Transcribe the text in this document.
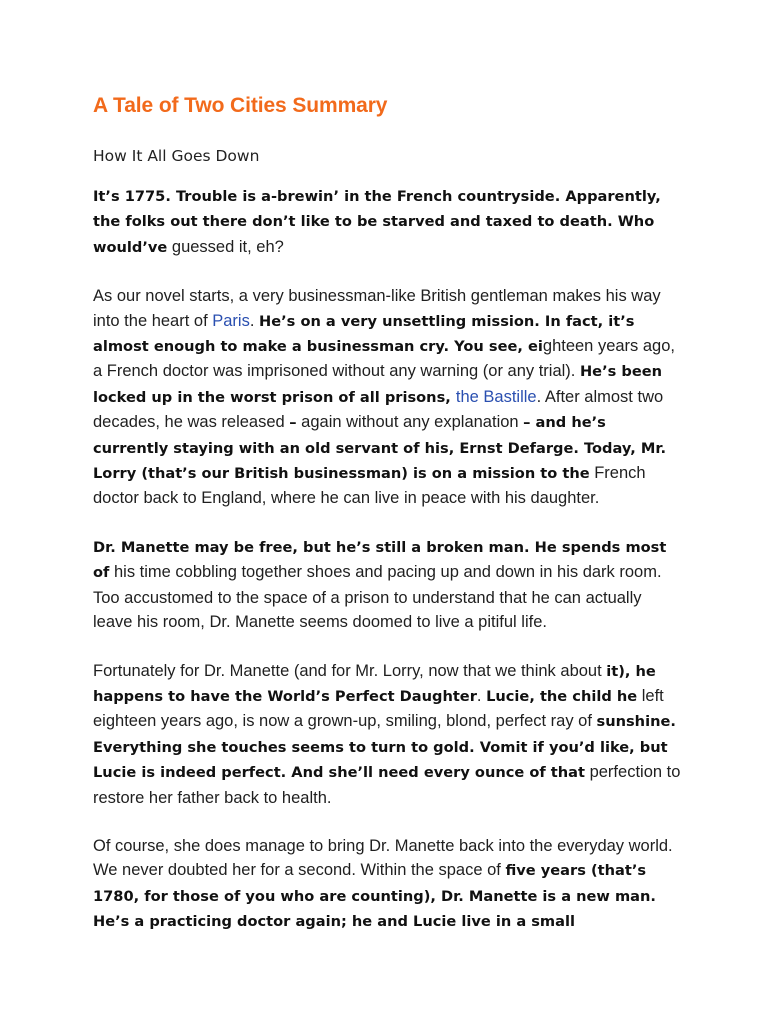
A Tale of Two Cities Summary
How It All Goes Down

It’s 1775. Trouble is a-brewin’ in the French countryside. Apparently, the folks out there don’t like to be starved and taxed to death. Who would’ve guessed it, eh?

As our novel starts, a very businessman-like British gentleman makes his way into the heart of Paris. He’s on a very unsettling mission. In fact, it’s almost enough to make a businessman cry. You see, eighteen years ago, a French doctor was imprisoned without any warning (or any trial). He’s been locked up in the worst prison of all prisons, the Bastille. After almost two decades, he was released – again without any explanation – and he’s currently staying with an old servant of his, Ernst Defarge. Today, Mr. Lorry (that’s our British businessman) is on a mission to the French doctor back to England, where he can live in peace with his daughter.

Dr. Manette may be free, but he’s still a broken man. He spends most of his time cobbling together shoes and pacing up and down in his dark room. Too accustomed to the space of a prison to understand that he can actually leave his room, Dr. Manette seems doomed to live a pitiful life.

Fortunately for Dr. Manette (and for Mr. Lorry, now that we think about it), he happens to have the World’s Perfect Daughter. Lucie, the child he left eighteen years ago, is now a grown-up, smiling, blond, perfect ray of sunshine. Everything she touches seems to turn to gold. Vomit if you’d like, but Lucie is indeed perfect. And she’ll need every ounce of that perfection to restore her father back to health.

Of course, she does manage to bring Dr. Manette back into the everyday world. We never doubted her for a second. Within the space of five years (that’s 1780, for those of you who are counting), Dr. Manette is a new man. He’s a practicing doctor again; he and Lucie live in a small
